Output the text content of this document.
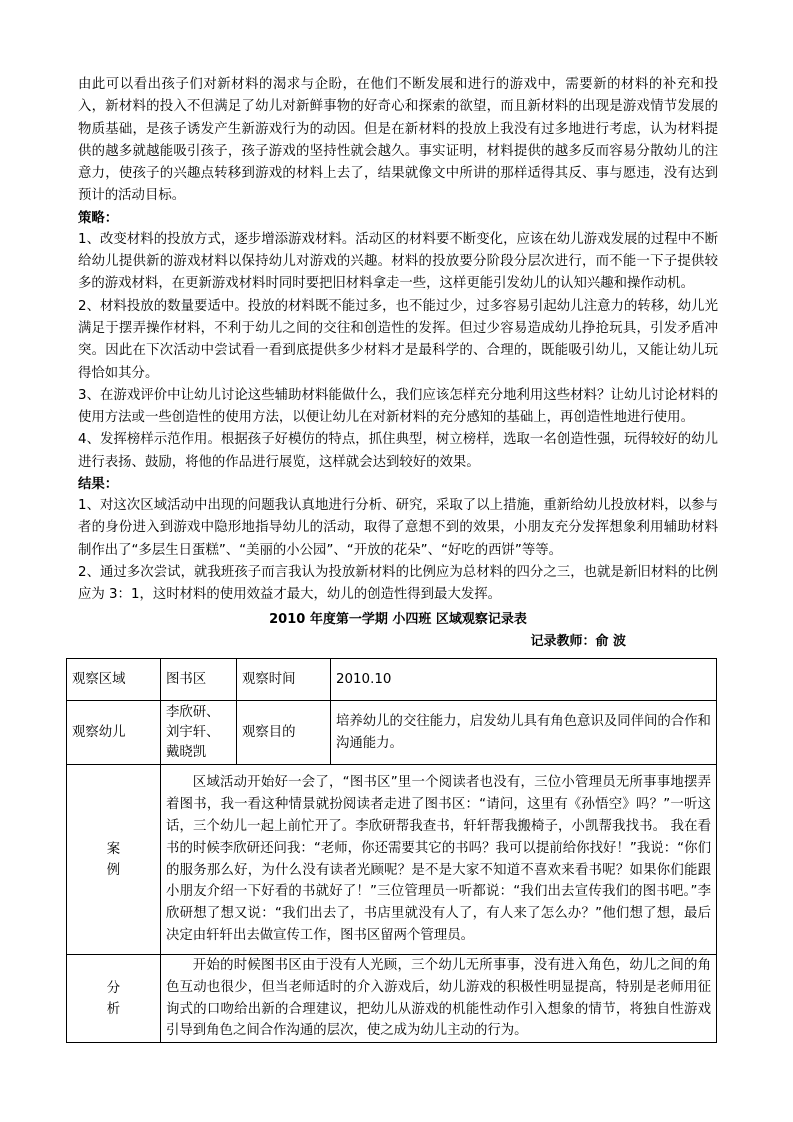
由此可以看出孩子们对新材料的渴求与企盼，在他们不断发展和进行的游戏中，需要新的材料的补充和投入，新材料的投入不但满足了幼儿对新鲜事物的好奇心和探索的欲望，而且新材料的出现是游戏情节发展的物质基础，是孩子诱发产生新游戏行为的动因。但是在新材料的投放上我没有过多地进行考虑，认为材料提供的越多就越能吸引孩子，孩子游戏的坚持性就会越久。事实证明，材料提供的越多反而容易分散幼儿的注意力，使孩子的兴趣点转移到游戏的材料上去了，结果就像文中所讲的那样适得其反、事与愿违，没有达到预计的活动目标。

策略：

1、改变材料的投放方式，逐步增添游戏材料。活动区的材料要不断变化，应该在幼儿游戏发展的过程中不断给幼儿提供新的游戏材料以保持幼儿对游戏的兴趣。材料的投放要分阶段分层次进行，而不能一下子提供较多的游戏材料，在更新游戏材料时同时要把旧材料拿走一些，这样更能引发幼儿的认知兴趣和操作动机。

2、材料投放的数量要适中。投放的材料既不能过多，也不能过少，过多容易引起幼儿注意力的转移，幼儿光满足于摆弄操作材料，不利于幼儿之间的交往和创造性的发挥。但过少容易造成幼儿挣抢玩具，引发矛盾冲突。因此在下次活动中尝试看一看到底提供多少材料才是最科学的、合理的，既能吸引幼儿，又能让幼儿玩得恰如其分。

3、在游戏评价中让幼儿讨论这些辅助材料能做什么，我们应该怎样充分地利用这些材料？让幼儿讨论材料的使用方法或一些创造性的使用方法，以便让幼儿在对新材料的充分感知的基础上，再创造性地进行使用。

4、发挥榜样示范作用。根据孩子好模仿的特点，抓住典型，树立榜样，选取一名创造性强，玩得较好的幼儿进行表扬、鼓励，将他的作品进行展览，这样就会达到较好的效果。

结果：

1、对这次区域活动中出现的问题我认真地进行分析、研究，采取了以上措施，重新给幼儿投放材料，以参与者的身份进入到游戏中隐形地指导幼儿的活动，取得了意想不到的效果，小朋友充分发挥想象利用辅助材料制作出了“多层生日蛋糕”、“美丽的小公园”、“开放的花朵”、“好吃的西饼”等等。

2、通过多次尝试，就我班孩子而言我认为投放新材料的比例应为总材料的四分之三，也就是新旧材料的比例应为 3：1，这时材料的使用效益才最大，幼儿的创造性得到最大发挥。

2010 年度第一学期 小四班 区域观察记录表

记录教师：俞 波

观察区域	图书区	观察时间	2010.10
观察幼儿	李欣研、刘宇轩、戴晓凯	观察目的	培养幼儿的交往能力，启发幼儿具有角色意识及同伴间的合作和沟通能力。

案
例	区域活动开始好一会了，“图书区”里一个阅读者也没有，三位小管理员无所事事地摆弄着图书，我一看这种情景就扮阅读者走进了图书区：“请问，这里有《孙悟空》吗？”一听这话，三个幼儿一起上前忙开了。李欣研帮我查书，轩轩帮我搬椅子，小凯帮我找书。 我在看书的时候李欣研还问我：“老师，你还需要其它的书吗？我可以提前给你找好！”我说：“你们的服务那么好，为什么没有读者光顾呢？是不是大家不知道不喜欢来看书呢？如果你们能跟小朋友介绍一下好看的书就好了！”三位管理员一听都说：“我们出去宣传我们的图书吧。”李欣研想了想又说：“我们出去了，书店里就没有人了，有人来了怎么办？”他们想了想，最后决定由轩轩出去做宣传工作，图书区留两个管理员。		

分
析	开始的时候图书区由于没有人光顾，三个幼儿无所事事，没有进入角色，幼儿之间的角色互动也很少，但当老师适时的介入游戏后，幼儿游戏的积极性明显提高，特别是老师用征询式的口吻给出新的合理建议，把幼儿从游戏的机能性动作引入想象的情节，将独自性游戏引导到角色之间合作沟通的层次，使之成为幼儿主动的行为。		
